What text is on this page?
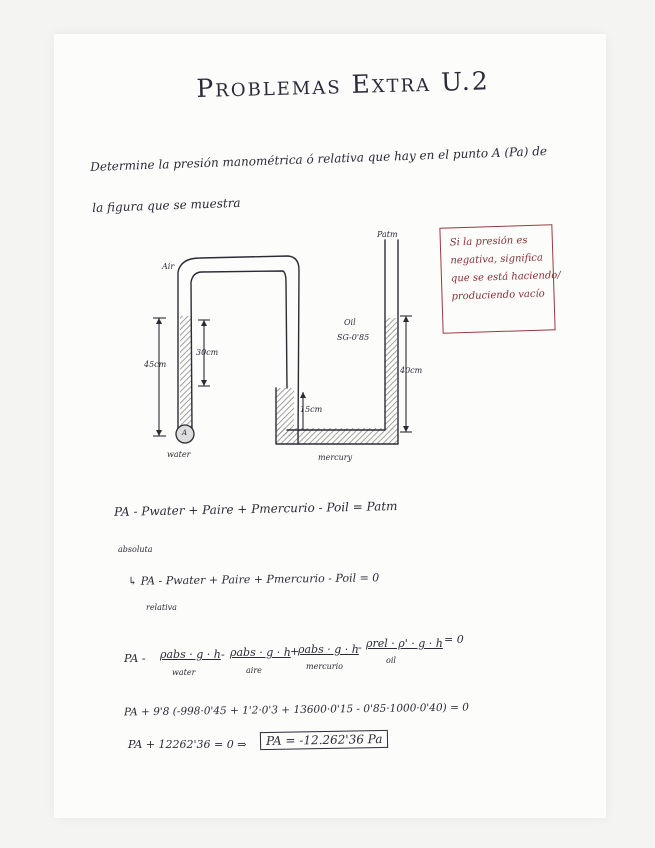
Problemas Extra U.2
Determine la presión manométrica ó relativa que hay en el punto A (Pa) de
la figura que se muestra
Patm
Air
Oil
SG-0'85
45cm
30cm
15cm
40cm
A
water	mercury
Si la presión es
negativa, significa
que se está haciendo/
produciendo vacío
PA - Pwater + Paire + Pmercurio - Poil = Patm
absoluta
↳ PA - Pwater + Paire + Pmercurio - Poil = 0
relativa
PA - ρabs · g · h - ρabs · g · h +
ρabs · g · h - ρrel · ρ' · g · h = 0
water	aire	mercurio
oil
PA + 9'8 (-998·0'45 + 1'2·0'3 + 13600·0'15 - 0'85·1000·0'40) = 0
PA + 12262'36 = 0 ⇒	PA = -12.262'36 Pa
